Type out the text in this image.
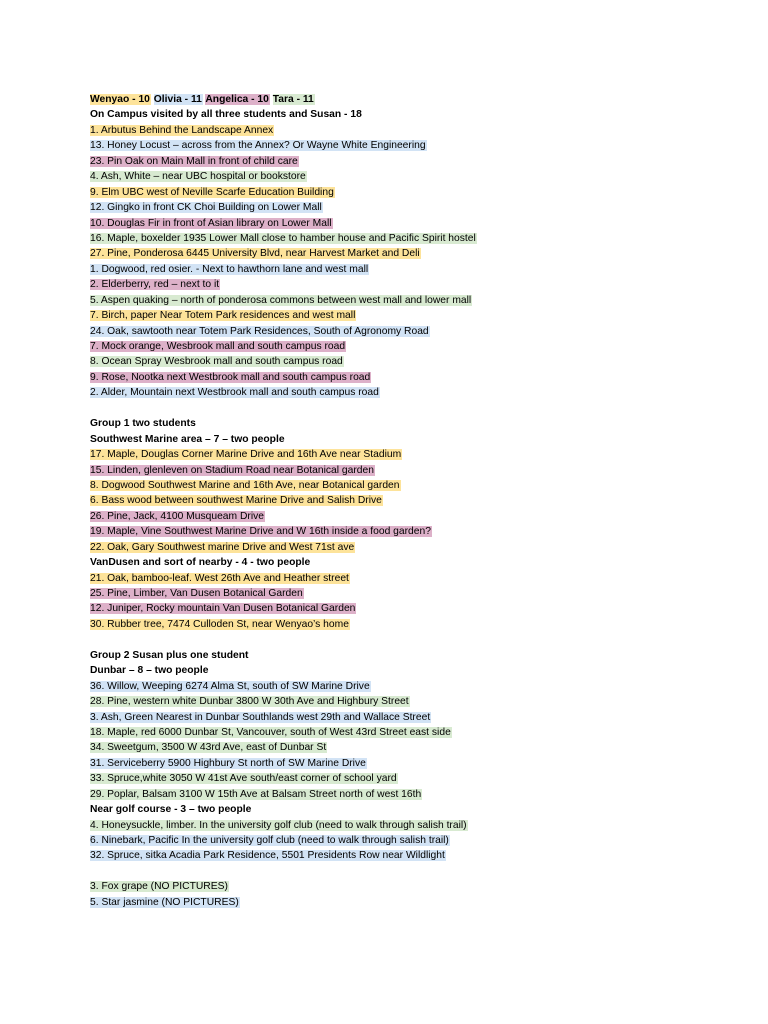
Wenyao - 10 Olivia - 11 Angelica - 10 Tara - 11
On Campus visited by all three students and Susan - 18
1. Arbutus Behind the Landscape Annex
13. Honey Locust – across from the Annex? Or Wayne White Engineering
23. Pin Oak on Main Mall in front of child care
4. Ash, White – near UBC hospital or bookstore
9. Elm UBC west of Neville Scarfe Education Building
12. Gingko in front CK Choi Building on Lower Mall
10. Douglas Fir in front of Asian library on Lower Mall
16. Maple, boxelder 1935 Lower Mall close to hamber house and Pacific Spirit hostel
27. Pine, Ponderosa 6445 University Blvd, near Harvest Market and Deli
1. Dogwood, red osier. - Next to hawthorn lane and west mall
2. Elderberry, red – next to it
5. Aspen quaking – north of ponderosa commons between west mall and lower mall
7. Birch, paper Near Totem Park residences and west mall
24. Oak, sawtooth near Totem Park Residences, South of Agronomy Road
7. Mock orange, Wesbrook mall and south campus road
8. Ocean Spray Wesbrook mall and south campus road
9. Rose, Nootka next Westbrook mall and south campus road
2. Alder, Mountain next Westbrook mall and south campus road
Group 1 two students
Southwest Marine area – 7 – two people
17. Maple, Douglas Corner Marine Drive and 16th Ave near Stadium
15. Linden, glenleven on Stadium Road near Botanical garden
8. Dogwood Southwest Marine and 16th Ave, near Botanical garden
6. Bass wood between southwest Marine Drive and Salish Drive
26. Pine, Jack, 4100 Musqueam Drive
19. Maple, Vine Southwest Marine Drive and W 16th inside a food garden?
22. Oak, Gary Southwest marine Drive and West 71st ave
VanDusen and sort of nearby - 4 - two people
21. Oak, bamboo-leaf. West 26th Ave and Heather street
25. Pine, Limber, Van Dusen Botanical Garden
12. Juniper, Rocky mountain Van Dusen Botanical Garden
30. Rubber tree, 7474 Culloden St, near Wenyao’s home
Group 2 Susan plus one student
Dunbar – 8 – two people
36. Willow, Weeping 6274 Alma St, south of SW Marine Drive
28. Pine, western white Dunbar 3800 W 30th Ave and Highbury Street
3. Ash, Green Nearest in Dunbar Southlands west 29th and Wallace Street
18. Maple, red 6000 Dunbar St, Vancouver, south of West 43rd Street east side
34. Sweetgum, 3500 W 43rd Ave, east of Dunbar St
31. Serviceberry 5900 Highbury St north of SW Marine Drive
33. Spruce,white 3050 W 41st Ave south/east corner of school yard
29. Poplar, Balsam 3100 W 15th Ave at Balsam Street north of west 16th
Near golf course - 3 – two people
4. Honeysuckle, limber. In the university golf club (need to walk through salish trail)
6. Ninebark, Pacific In the university golf club (need to walk through salish trail)
32. Spruce, sitka Acadia Park Residence, 5501 Presidents Row near Wildlight
3. Fox grape (NO PICTURES)
5. Star jasmine (NO PICTURES)
